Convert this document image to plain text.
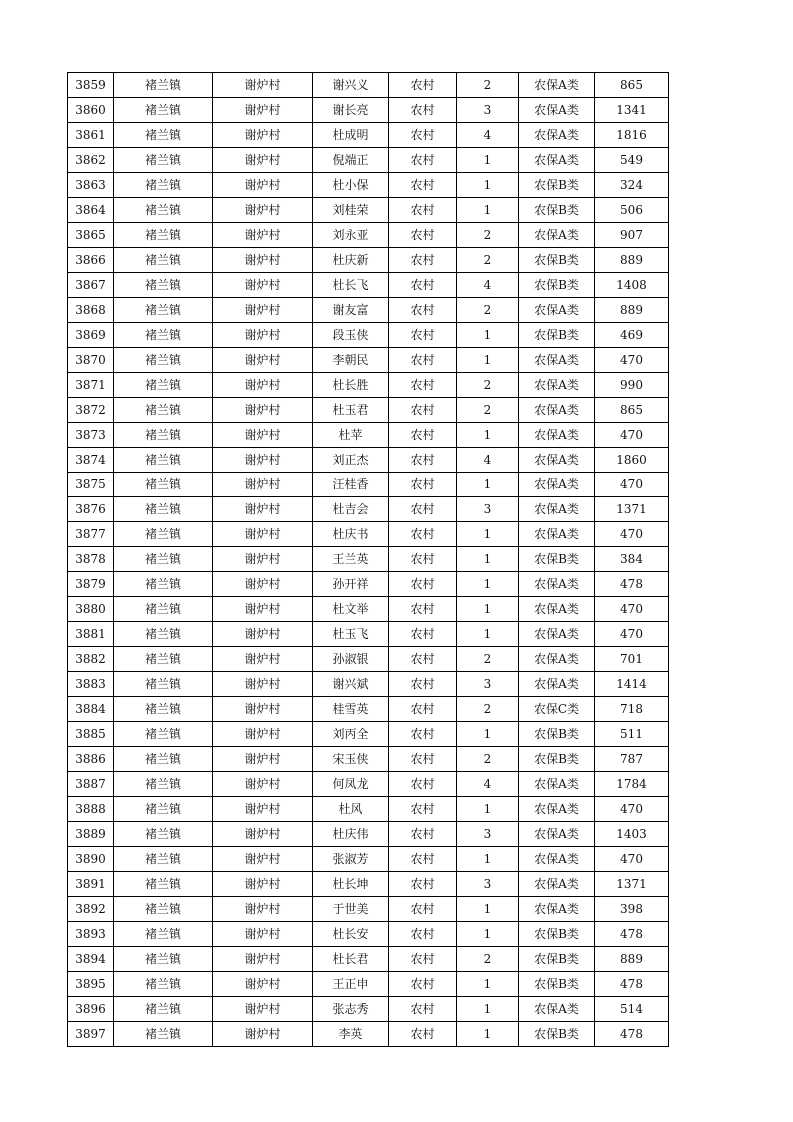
3859	褚兰镇	谢炉村	谢兴义	农村	2	农保A类	865
3860	褚兰镇	谢炉村	谢长亮	农村	3	农保A类	1341
3861	褚兰镇	谢炉村	杜成明	农村	4	农保A类	1816
3862	褚兰镇	谢炉村	倪端正	农村	1	农保A类	549
3863	褚兰镇	谢炉村	杜小保	农村	1	农保B类	324
3864	褚兰镇	谢炉村	刘桂荣	农村	1	农保B类	506
3865	褚兰镇	谢炉村	刘永亚	农村	2	农保A类	907
3866	褚兰镇	谢炉村	杜庆新	农村	2	农保B类	889
3867	褚兰镇	谢炉村	杜长飞	农村	4	农保B类	1408
3868	褚兰镇	谢炉村	谢友富	农村	2	农保A类	889
3869	褚兰镇	谢炉村	段玉侠	农村	1	农保B类	469
3870	褚兰镇	谢炉村	李朝民	农村	1	农保A类	470
3871	褚兰镇	谢炉村	杜长胜	农村	2	农保A类	990
3872	褚兰镇	谢炉村	杜玉君	农村	2	农保A类	865
3873	褚兰镇	谢炉村	杜苹	农村	1	农保A类	470
3874	褚兰镇	谢炉村	刘正杰	农村	4	农保A类	1860
3875	褚兰镇	谢炉村	汪桂香	农村	1	农保A类	470
3876	褚兰镇	谢炉村	杜吉会	农村	3	农保A类	1371
3877	褚兰镇	谢炉村	杜庆书	农村	1	农保A类	470
3878	褚兰镇	谢炉村	王兰英	农村	1	农保B类	384
3879	褚兰镇	谢炉村	孙开祥	农村	1	农保A类	478
3880	褚兰镇	谢炉村	杜文举	农村	1	农保A类	470
3881	褚兰镇	谢炉村	杜玉飞	农村	1	农保A类	470
3882	褚兰镇	谢炉村	孙淑银	农村	2	农保A类	701
3883	褚兰镇	谢炉村	谢兴斌	农村	3	农保A类	1414
3884	褚兰镇	谢炉村	桂雪英	农村	2	农保C类	718
3885	褚兰镇	谢炉村	刘丙全	农村	1	农保B类	511
3886	褚兰镇	谢炉村	宋玉侠	农村	2	农保B类	787
3887	褚兰镇	谢炉村	何凤龙	农村	4	农保A类	1784
3888	褚兰镇	谢炉村	杜风	农村	1	农保A类	470
3889	褚兰镇	谢炉村	杜庆伟	农村	3	农保A类	1403
3890	褚兰镇	谢炉村	张淑芳	农村	1	农保A类	470
3891	褚兰镇	谢炉村	杜长坤	农村	3	农保A类	1371
3892	褚兰镇	谢炉村	于世美	农村	1	农保A类	398
3893	褚兰镇	谢炉村	杜长安	农村	1	农保B类	478
3894	褚兰镇	谢炉村	杜长君	农村	2	农保B类	889
3895	褚兰镇	谢炉村	王正申	农村	1	农保B类	478
3896	褚兰镇	谢炉村	张志秀	农村	1	农保A类	514
3897	褚兰镇	谢炉村	李英	农村	1	农保B类	478
